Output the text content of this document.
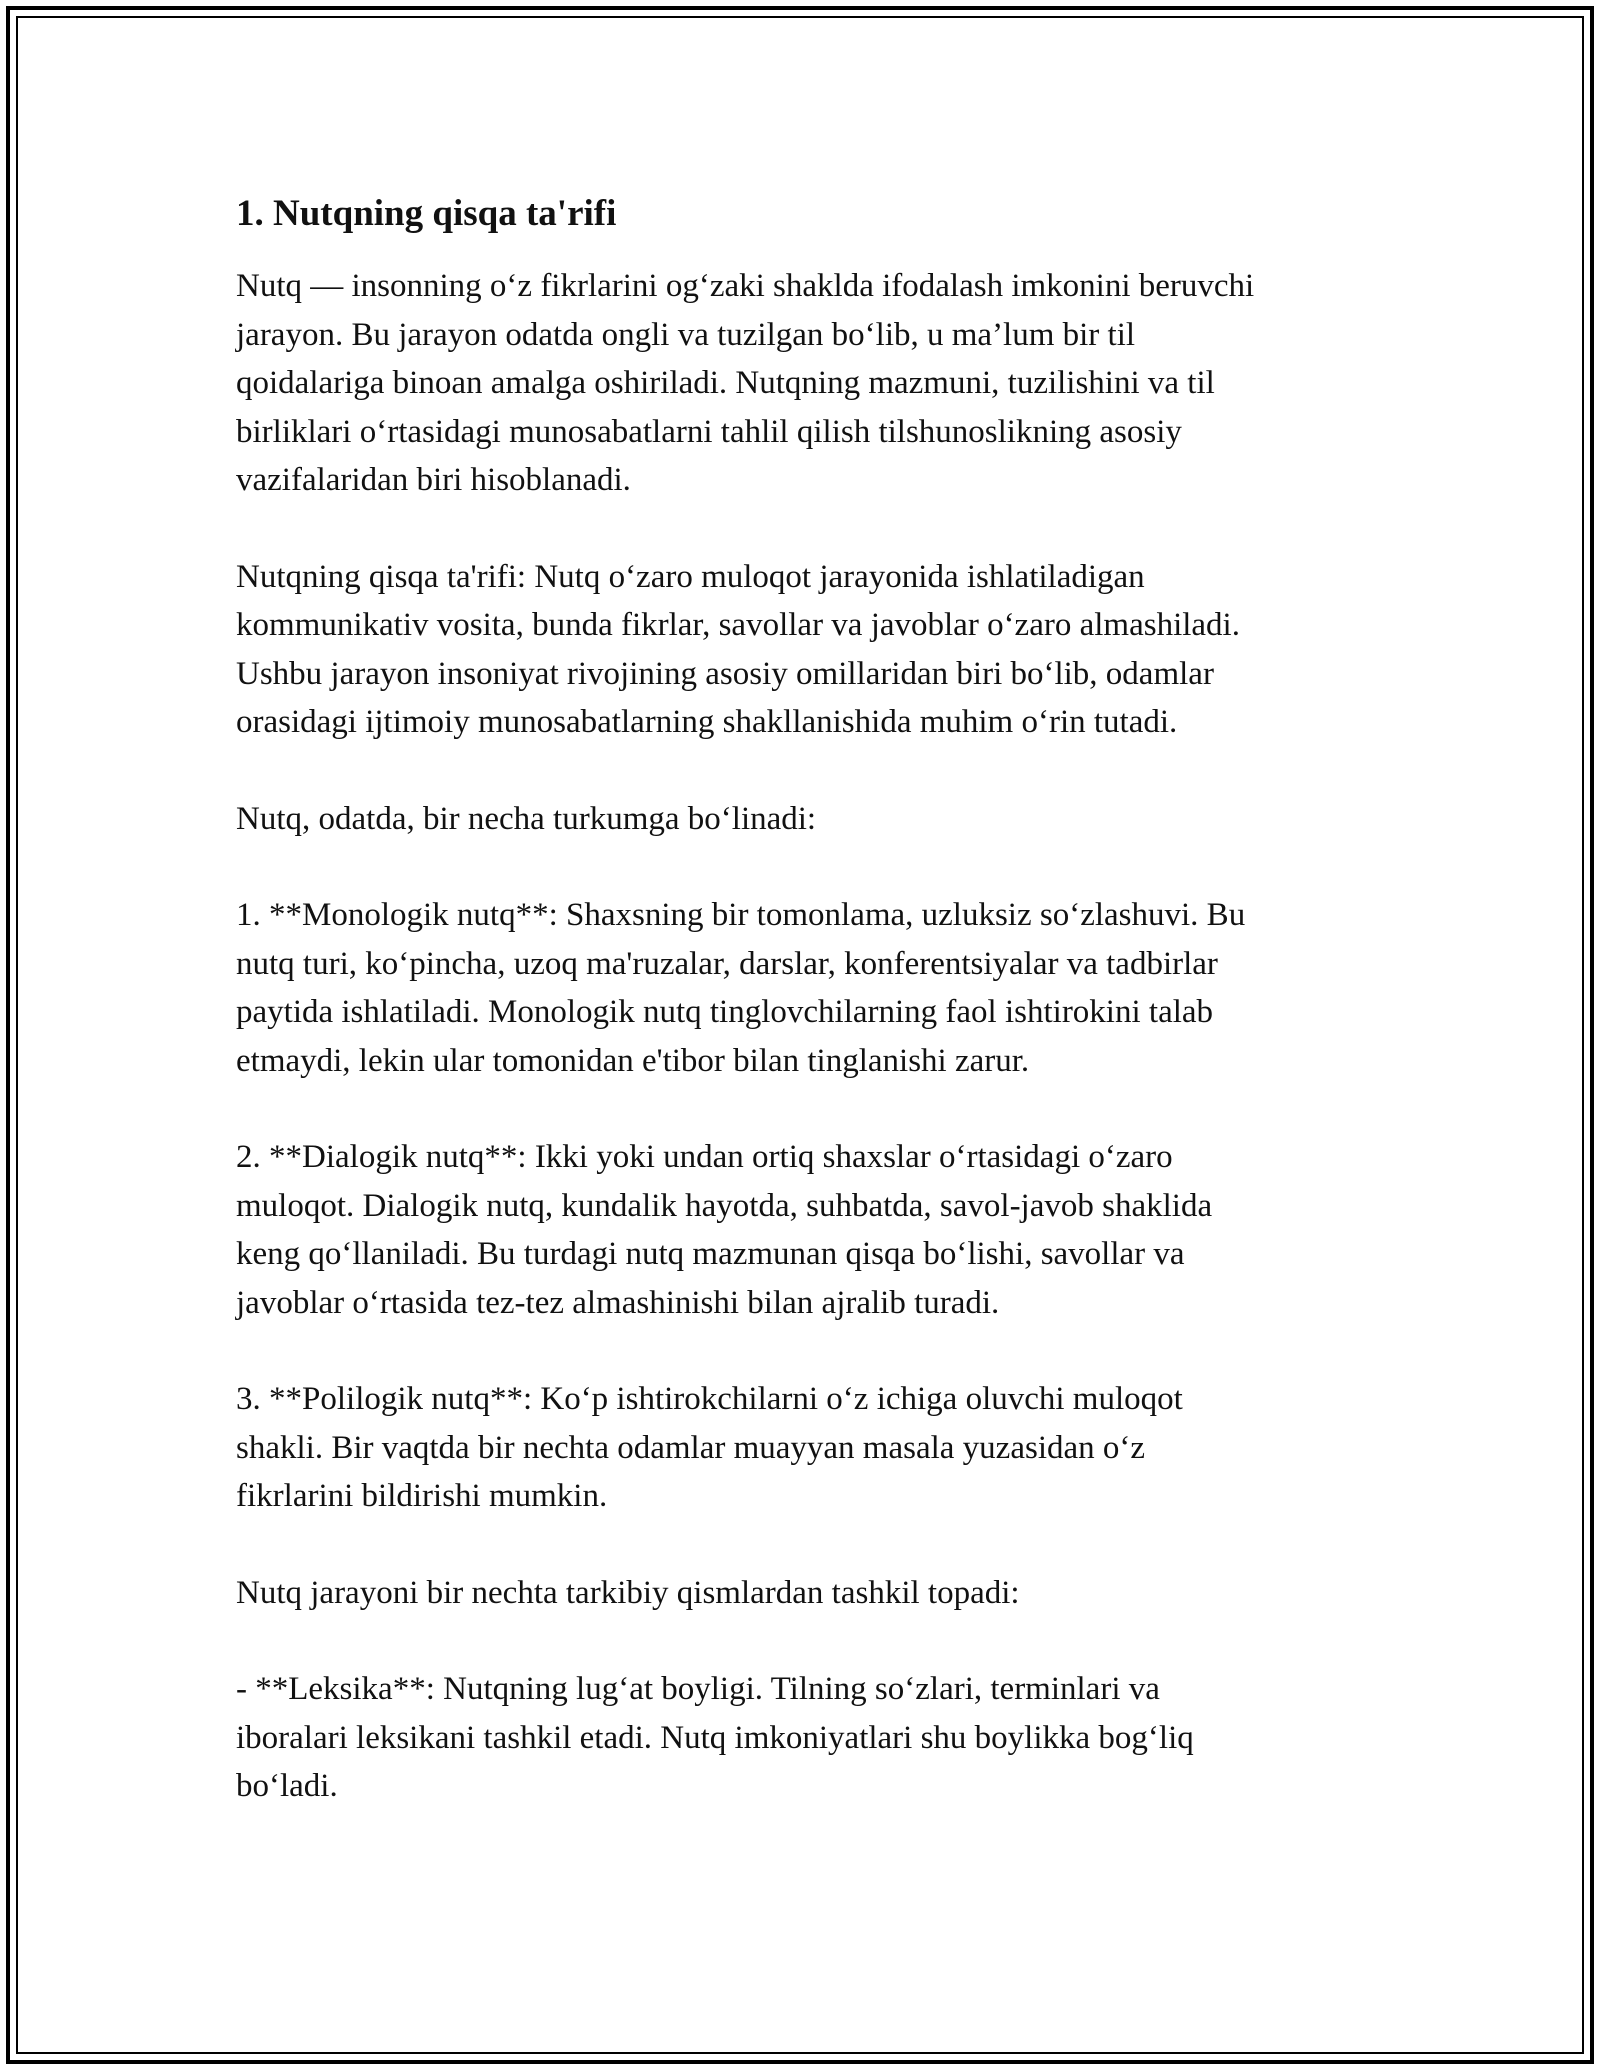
1. Nutqning qisqa ta'rifi

Nutq — insonning o‘z fikrlarini og‘zaki shaklda ifodalash imkonini beruvchi
jarayon. Bu jarayon odatda ongli va tuzilgan bo‘lib, u ma’lum bir til
qoidalariga binoan amalga oshiriladi. Nutqning mazmuni, tuzilishini va til
birliklari o‘rtasidagi munosabatlarni tahlil qilish tilshunoslikning asosiy
vazifalaridan biri hisoblanadi.

Nutqning qisqa ta'rifi: Nutq o‘zaro muloqot jarayonida ishlatiladigan
kommunikativ vosita, bunda fikrlar, savollar va javoblar o‘zaro almashiladi.
Ushbu jarayon insoniyat rivojining asosiy omillaridan biri bo‘lib, odamlar
orasidagi ijtimoiy munosabatlarning shakllanishida muhim o‘rin tutadi.

Nutq, odatda, bir necha turkumga bo‘linadi:

1. **Monologik nutq**: Shaxsning bir tomonlama, uzluksiz so‘zlashuvi. Bu
nutq turi, ko‘pincha, uzoq ma'ruzalar, darslar, konferentsiyalar va tadbirlar
paytida ishlatiladi. Monologik nutq tinglovchilarning faol ishtirokini talab
etmaydi, lekin ular tomonidan e'tibor bilan tinglanishi zarur.

2. **Dialogik nutq**: Ikki yoki undan ortiq shaxslar o‘rtasidagi o‘zaro
muloqot. Dialogik nutq, kundalik hayotda, suhbatda, savol-javob shaklida
keng qo‘llaniladi. Bu turdagi nutq mazmunan qisqa bo‘lishi, savollar va
javoblar o‘rtasida tez-tez almashinishi bilan ajralib turadi.

3. **Polilogik nutq**: Ko‘p ishtirokchilarni o‘z ichiga oluvchi muloqot
shakli. Bir vaqtda bir nechta odamlar muayyan masala yuzasidan o‘z
fikrlarini bildirishi mumkin.

Nutq jarayoni bir nechta tarkibiy qismlardan tashkil topadi:

- **Leksika**: Nutqning lug‘at boyligi. Tilning so‘zlari, terminlari va
iboralari leksikani tashkil etadi. Nutq imkoniyatlari shu boylikka bog‘liq
bo‘ladi.
